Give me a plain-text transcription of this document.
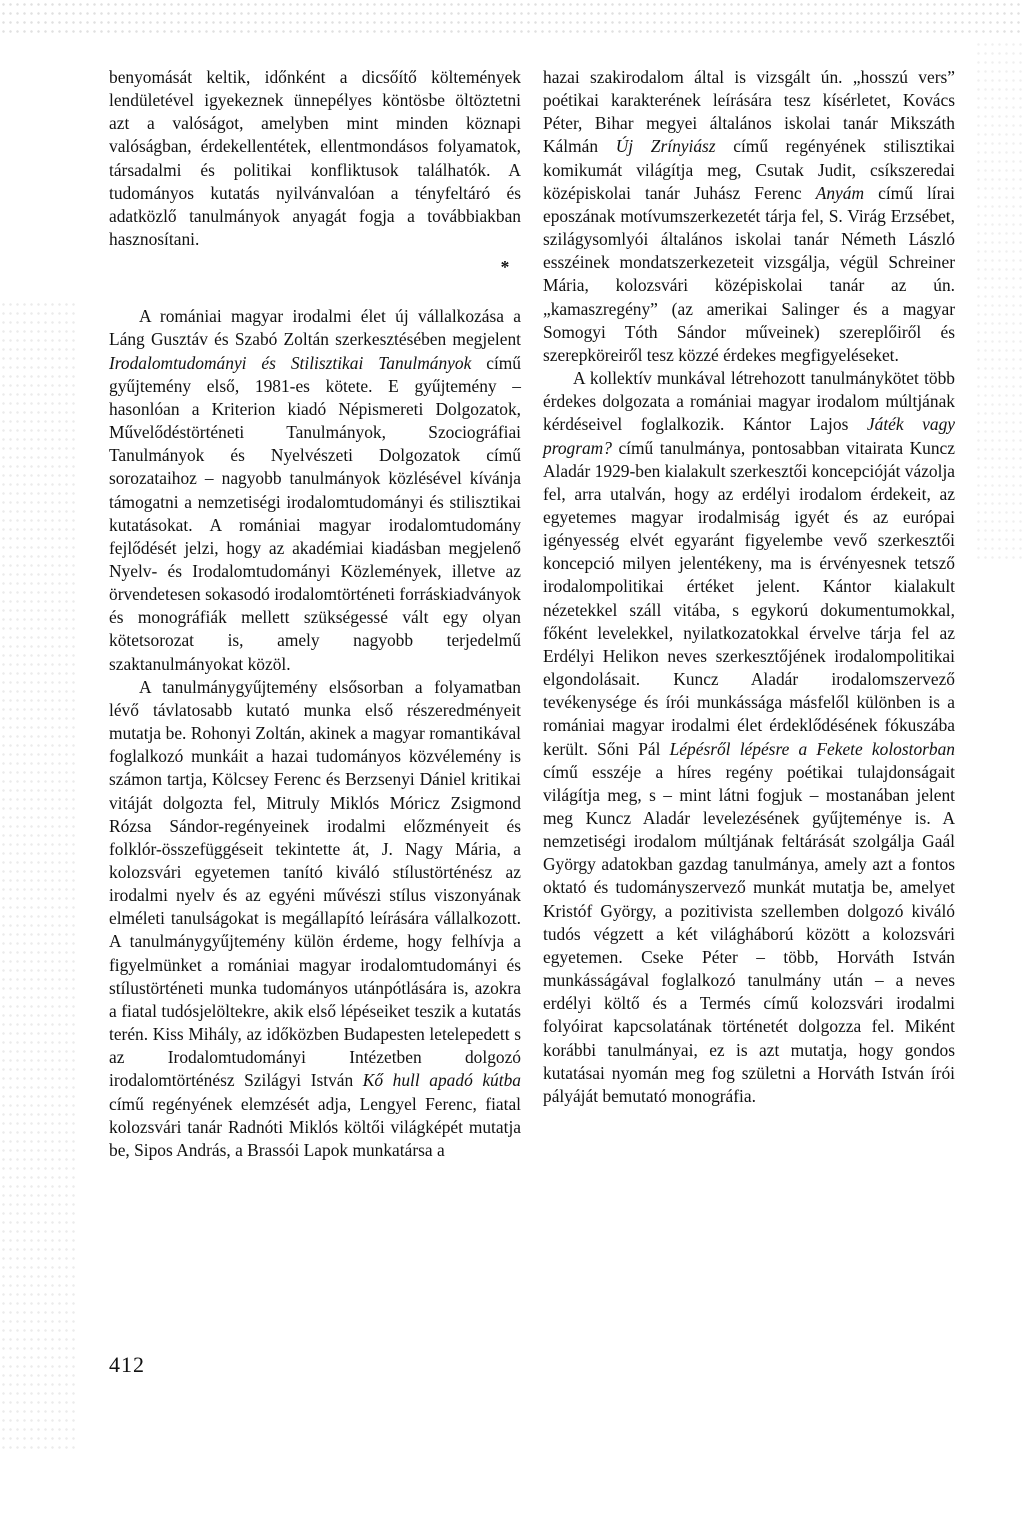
benyomását keltik, időnként a dicsőítő költemények lendületével igyekeznek ünnepélyes köntösbe öltöztetni azt a valóságot, amelyben mint minden köznapi valóságban, érdekellentétek, ellentmondásos folyamatok, társadalmi és politikai konfliktusok találhatók. A tudományos kutatás nyilvánvalóan a tényfeltáró és adatközlő tanulmányok anyagát fogja a továbbiakban hasznosítani.

*

A romániai magyar irodalmi élet új vállalkozása a Láng Gusztáv és Szabó Zoltán szerkesztésében megjelent Irodalomtudományi és Stilisztikai Tanulmányok című gyűjtemény első, 1981-es kötete. E gyűjtemény – hasonlóan a Kriterion kiadó Népismereti Dolgozatok, Művelődéstörténeti Tanulmányok, Szociográfiai Tanulmányok és Nyelvészeti Dolgozatok című sorozataihoz – nagyobb tanulmányok közlésével kívánja támogatni a nemzetiségi irodalomtudományi és stilisztikai kutatásokat. A romániai magyar irodalomtudomány fejlődését jelzi, hogy az akadémiai kiadásban megjelenő Nyelv- és Irodalomtudományi Közlemények, illetve az örvendetesen sokasodó irodalomtörténeti forráskiadványok és monográfiák mellett szükségessé vált egy olyan kötetsorozat is, amely nagyobb terjedelmű szaktanulmányokat közöl.

A tanulmánygyűjtemény elsősorban a folyamatban lévő távlatosabb kutató munka első részeredményeit mutatja be. Rohonyi Zoltán, akinek a magyar romantikával foglalkozó munkáit a hazai tudományos közvélemény is számon tartja, Kölcsey Ferenc és Berzsenyi Dániel kritikai vitáját dolgozta fel, Mitruly Miklós Móricz Zsigmond Rózsa Sándor-regényeinek irodalmi előzményeit és folklór-összefüggéseit tekintette át, J. Nagy Mária, a kolozsvári egyetemen tanító kiváló stílustörténész az irodalmi nyelv és az egyéni művészi stílus viszonyának elméleti tanulságokat is megállapító leírására vállalkozott. A tanulmánygyűjtemény külön érdeme, hogy felhívja a figyelmünket a romániai magyar irodalomtudományi és stílustörténeti munka tudományos utánpótlására is, azokra a fiatal tudósjelöltekre, akik első lépéseiket teszik a kutatás terén. Kiss Mihály, az időközben Budapesten letelepedett s az Irodalomtudományi Intézetben dolgozó irodalomtörténész Szilágyi István Kő hull apadó kútba című regényének elemzését adja, Lengyel Ferenc, fiatal kolozsvári tanár Radnóti Miklós költői világképét mutatja be, Sipos András, a Brassói Lapok munkatársa a

hazai szakirodalom által is vizsgált ún. „hosszú vers” poétikai karakterének leírására tesz kísérletet, Kovács Péter, Bihar megyei általános iskolai tanár Mikszáth Kálmán Új Zrínyiász című regényének stilisztikai komikumát világítja meg, Csutak Judit, csíkszeredai középiskolai tanár Juhász Ferenc Anyám című lírai eposzának motívumszerkezetét tárja fel, S. Virág Erzsébet, szilágysomlyói általános iskolai tanár Németh László esszéinek mondatszerkezeteit vizsgálja, végül Schreiner Mária, kolozsvári középiskolai tanár az ún. „kamaszregény” (az amerikai Salinger és a magyar Somogyi Tóth Sándor műveinek) szereplőiről és szerepköreiről tesz közzé érdekes megfigyeléseket.

A kollektív munkával létrehozott tanulmánykötet több érdekes dolgozata a romániai magyar irodalom múltjának kérdéseivel foglalkozik. Kántor Lajos Játék vagy program? című tanulmánya, pontosabban vitairata Kuncz Aladár 1929-ben kialakult szerkesztői koncepcióját vázolja fel, arra utalván, hogy az erdélyi irodalom érdekeit, az egyetemes magyar irodalmiság igyét és az európai igényesség elvét egyaránt figyelembe vevő szerkesztői koncepció milyen jelentékeny, ma is érvényesnek tetsző irodalompolitikai értéket jelent. Kántor kialakult nézetekkel száll vitába, s egykorú dokumentumokkal, főként levelekkel, nyilatkozatokkal érvelve tárja fel az Erdélyi Helikon neves szerkesztőjének irodalompolitikai elgondolásait. Kuncz Aladár irodalomszervező tevékenysége és írói munkássága másfelől különben is a romániai magyar irodalmi élet érdeklődésének fókuszába került. Sőni Pál Lépésről lépésre a Fekete kolostorban című esszéje a híres regény poétikai tulajdonságait világítja meg, s – mint látni fogjuk – mostanában jelent meg Kuncz Aladár levelezésének gyűjteménye is. A nemzetiségi irodalom múltjának feltárását szolgálja Gaál György adatokban gazdag tanulmánya, amely azt a fontos oktató és tudományszervező munkát mutatja be, amelyet Kristóf György, a pozitivista szellemben dolgozó kiváló tudós végzett a két világháború között a kolozsvári egyetemen. Cseke Péter – több, Horváth István munkásságával foglalkozó tanulmány után – a neves erdélyi költő és a Termés című kolozsvári irodalmi folyóirat kapcsolatának történetét dolgozza fel. Miként korábbi tanulmányai, ez is azt mutatja, hogy gondos kutatásai nyomán meg fog születni a Horváth István írói pályáját bemutató monográfia.

412
